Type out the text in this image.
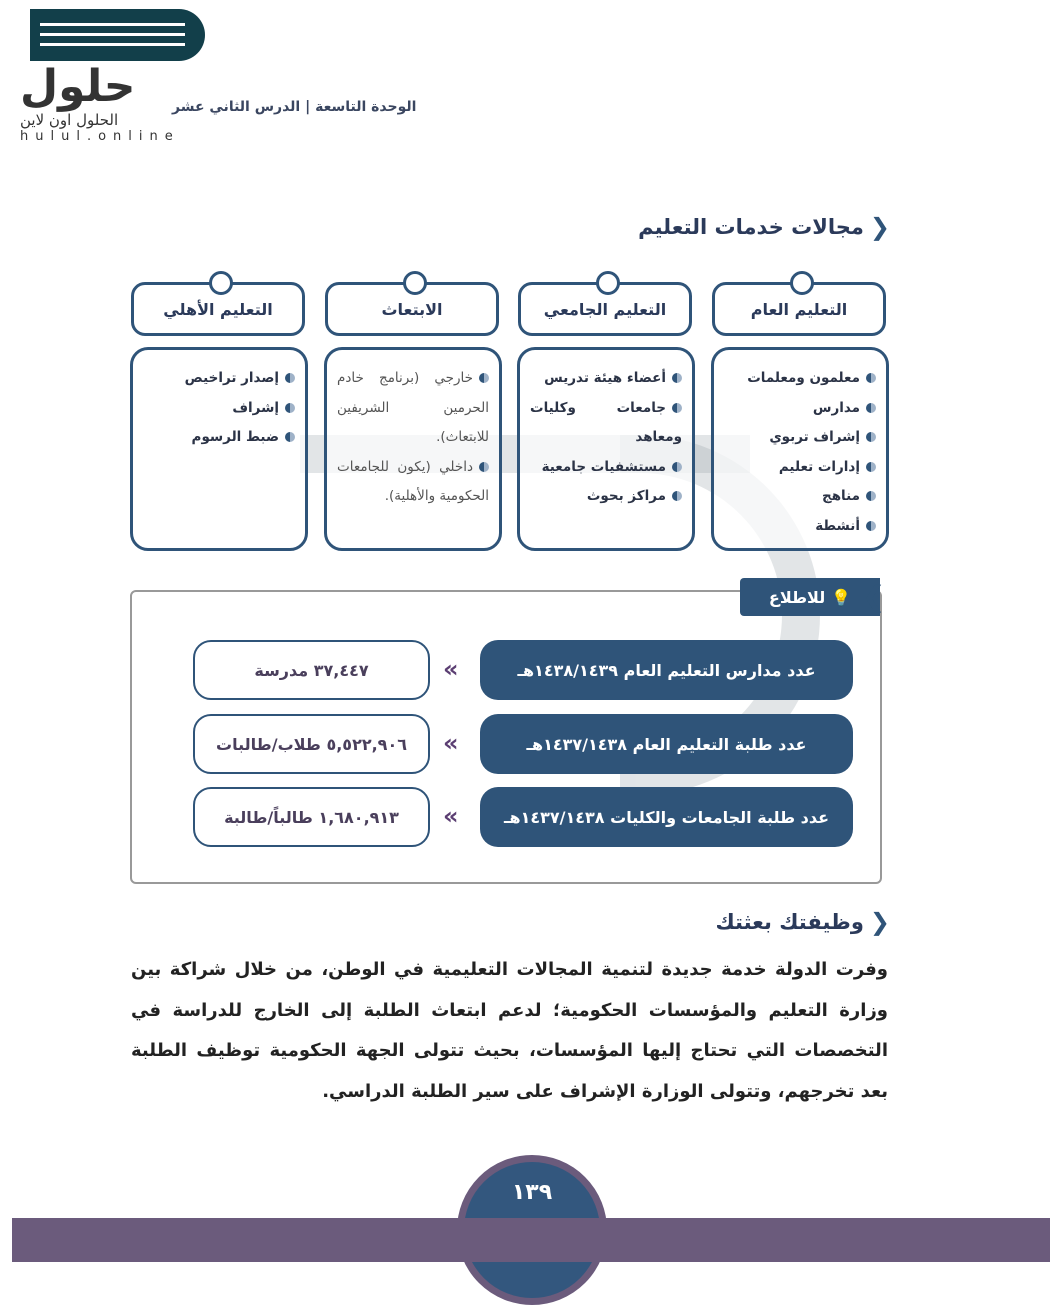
حلول
الحلول اون لاين
hulul.online
الوحدة التاسعة | الدرس الثاني عشر
❮
مجالات خدمات التعليم
التعليم العام
التعليم الجامعي
الابتعاث
التعليم الأهلي
معلمون ومعلمات
مدارس
إشراف تربوي
إدارات تعليم
مناهج
أنشطة
أعضاء هيئة تدريس
جامعات وكليات ومعاهد
مستشفيات جامعية
مراكز بحوث
خارجي (برنامج خادم الحرمين الشريفين للابتعاث).
داخلي (يكون للجامعات الحكومية والأهلية).
إصدار تراخيص
إشراف
ضبط الرسوم
💡
للاطلاع ❮
عدد مدارس التعليم العام ١٤٣٨/١٤٣٩هـ
«
٣٧,٤٤٧ مدرسة
عدد طلبة التعليم العام ١٤٣٧/١٤٣٨هـ
«
٥,٥٢٢,٩٠٦ طلاب/طالبات
عدد طلبة الجامعات والكليات ١٤٣٧/١٤٣٨هـ
«
١,٦٨٠,٩١٣ طالباً/طالبة
❮
وظيفتك بعثتك
وفرت الدولة خدمة جديدة لتنمية المجالات التعليمية في الوطن، من خلال شراكة بين وزارة التعليم والمؤسسات الحكومية؛ لدعم ابتعاث الطلبة إلى الخارج للدراسة في التخصصات التي تحتاج إليها المؤسسات، بحيث تتولى الجهة الحكومية توظيف الطلبة بعد تخرجهم، وتتولى الوزارة الإشراف على سير الطلبة الدراسي.
١٣٩
